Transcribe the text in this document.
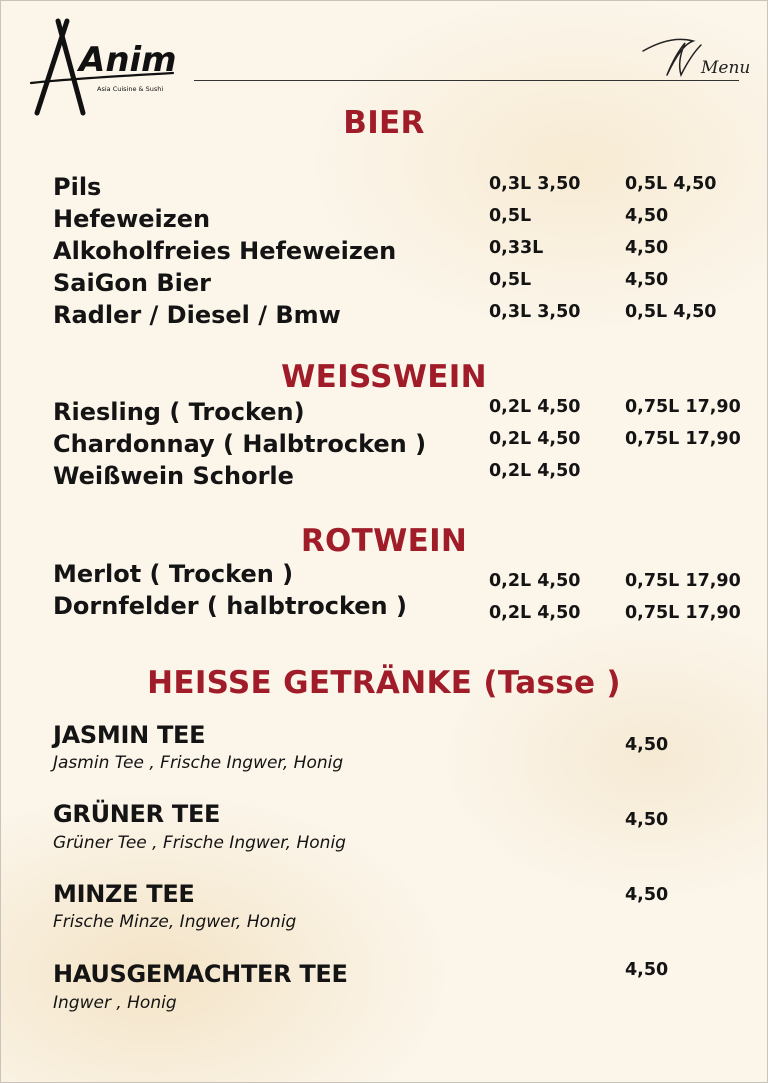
Anim
Asia Cuisine & Sushi
Menu
BIER
Pils	0,3L 3,50	0,5L 4,50
Hefeweizen	0,5L	4,50
Alkoholfreies Hefeweizen	0,33L	4,50
SaiGon Bier	0,5L	4,50
Radler / Diesel / Bmw	0,3L 3,50	0,5L 4,50
WEISSWEIN
Riesling ( Trocken)	0,2L 4,50	0,75L 17,90
Chardonnay ( Halbtrocken )	0,2L 4,50	0,75L 17,90
Weißwein Schorle	0,2L 4,50
ROTWEIN
Merlot ( Trocken )	0,2L 4,50	0,75L 17,90
Dornfelder ( halbtrocken )	0,2L 4,50	0,75L 17,90
HEISSE GETRÄNKE (Tasse )
JASMIN TEE
Jasmin Tee , Frische Ingwer, Honig
4,50
GRÜNER TEE
Grüner Tee , Frische Ingwer, Honig
4,50
MINZE TEE
Frische Minze, Ingwer, Honig
4,50
HAUSGEMACHTER TEE
Ingwer , Honig
4,50
